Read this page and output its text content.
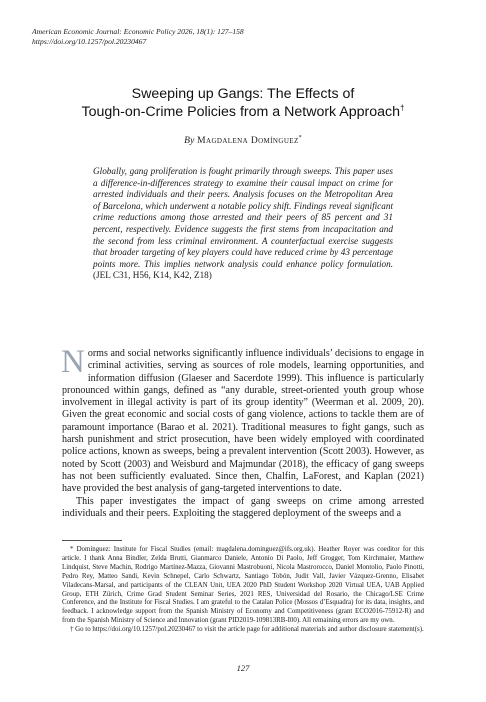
American Economic Journal: Economic Policy 2026, 18(1): 127–158
https://doi.org/10.1257/pol.20230467
Sweeping up Gangs: The Effects of
Tough-on-Crime Policies from a Network Approach†
By Magdalena Domínguez*
Globally, gang proliferation is fought primarily through sweeps. This paper uses a difference-in-differences strategy to examine their causal impact on crime for arrested individuals and their peers. Analysis focuses on the Metropolitan Area of Barcelona, which underwent a notable policy shift. Findings reveal significant crime reductions among those arrested and their peers of 85 percent and 31 percent, respectively. Evidence suggests the first stems from incapacitation and the second from less criminal environment. A counterfactual exercise suggests that broader targeting of key players could have reduced crime by 43 percentage points more. This implies network analysis could enhance policy formulation. (JEL C31, H56, K14, K42, Z18)

Norms and social networks significantly influence individuals’ decisions to engage in criminal activities, serving as sources of role models, learning opportunities, and information diffusion (Glaeser and Sacerdote 1999). This influence is particularly pronounced within gangs, defined as “any durable, street-oriented youth group whose involvement in illegal activity is part of its group identity” (Weerman et al. 2009, 20). Given the great economic and social costs of gang violence, actions to tackle them are of paramount importance (Barao et al. 2021). Traditional measures to fight gangs, such as harsh punishment and strict prosecution, have been widely employed with coordinated police actions, known as sweeps, being a prevalent intervention (Scott 2003). However, as noted by Scott (2003) and Weisburd and Majmundar (2018), the efficacy of gang sweeps has not been sufficiently evaluated. Since then, Chalfin, LaForest, and Kaplan (2021) have provided the best analysis of gang-targeted interventions to date.

This paper investigates the impact of gang sweeps on crime among arrested individuals and their peers. Exploiting the staggered deployment of the sweeps and a

* Domínguez: Institute for Fiscal Studies (email: magdalena.dominguez@ifs.org.uk). Heather Royer was coeditor for this article. I thank Anna Bindler, Zelda Brutti, Gianmarco Daniele, Antonio Di Paolo, Jeff Grogger, Tom Kirchmaier, Matthew Lindquist, Steve Machin, Rodrigo Martínez-Mazza, Giovanni Mastrobuoni, Nicola Mastrorocco, Daniel Montolio, Paolo Pinotti, Pedro Rey, Matteo Sandi, Kevin Schnepel, Carlo Schwartz, Santiago Tobón, Judit Vall, Javier Vázquez-Grenno, Elisabet Viladecans-Marsal, and participants of the CLEAN Unit, UEA 2020 PhD Student Workshop 2020 Virtual UEA, UAB Applied Group, ETH Zürich, Crime Grad Student Seminar Series, 2021 RES, Universidad del Rosario, the Chicago/LSE Crime Conference, and the Institute for Fiscal Studies. I am grateful to the Catalan Police (Mossos d’Esquadra) for its data, insights, and feedback. I acknowledge support from the Spanish Ministry of Economy and Competitiveness (grant ECO2016-75912-R) and from the Spanish Ministry of Science and Innovation (grant PID2019-109813RB-I00). All remaining errors are my own.

† Go to https://doi.org/10.1257/pol.20230467 to visit the article page for additional materials and author disclosure statement(s).

127
